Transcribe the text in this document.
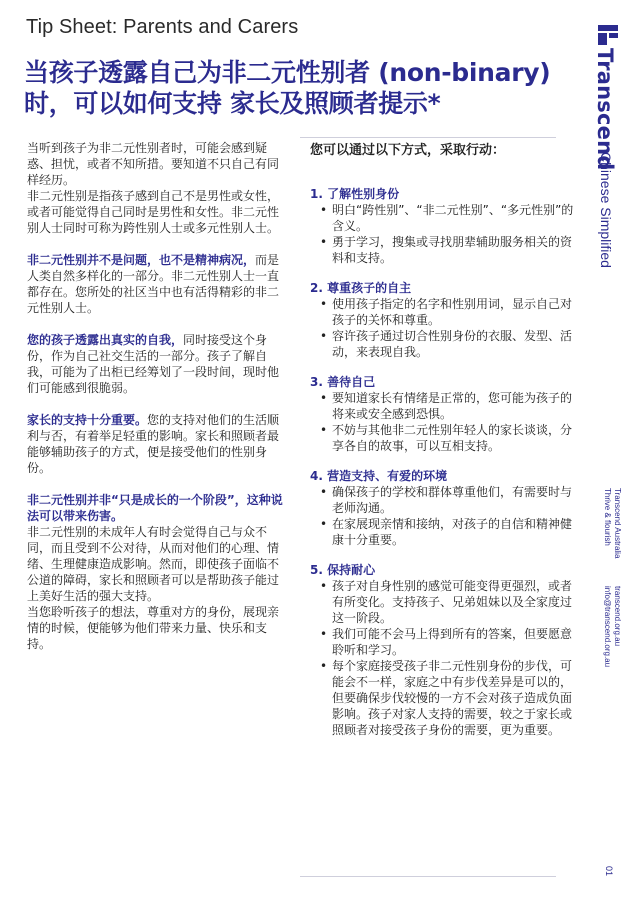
Tip Sheet: Parents and Carers
当孩子透露自己为非二元性别者 (non-binary)时，可以如何支持 家长及照顾者提示*

当听到孩子为非二元性别者时，可能会感到疑惑、担忧，或者不知所措。要知道不只自己有同样经历。

非二元性别是指孩子感到自己不是男性或女性，或者可能觉得自己同时是男性和女性。非二元性别人士同时可称为跨性别人士或多元性别人士。

非二元性别并不是问题，也不是精神病况，而是人类自然多样化的一部分。非二元性别人士一直都存在。您所处的社区当中也有活得精彩的非二元性别人士。

您的孩子透露出真实的自我，同时接受这个身份，作为自己社交生活的一部分。孩子了解自我，可能为了出柜已经筹划了一段时间，现时他们可能感到很脆弱。

家长的支持十分重要。您的支持对他们的生活顺利与否，有着举足轻重的影响。家长和照顾者最能够辅助孩子的方式，便是接受他们的性别身份。

非二元性别并非“只是成长的一个阶段”，这种说法可以带来伤害。

非二元性别的未成年人有时会觉得自己与众不同，而且受到不公对待，从而对他们的心理、情绪、生理健康造成影响。然而，即使孩子面临不公道的障碍，家长和照顾者可以是帮助孩子能过上美好生活的强大支持。

当您聆听孩子的想法，尊重对方的身份，展现亲情的时候，便能够为他们带来力量、快乐和支持。

您可以通过以下方式，采取行动：
1. 了解性别身份
• 明白“跨性别”、“非二元性别”、“多元性别”的含义。
• 勇于学习，搜集或寻找朋辈辅助服务相关的资料和支持。
2. 尊重孩子的自主
• 使用孩子指定的名字和性别用词，显示自己对孩子的关怀和尊重。
• 容许孩子通过切合性别身份的衣服、发型、活动，来表现自我。
3. 善待自己
• 要知道家长有情绪是正常的，您可能为孩子的将来或安全感到恐惧。
• 不妨与其他非二元性别年轻人的家长谈谈，分享各自的故事，可以互相支持。
4. 营造支持、有爱的环境
• 确保孩子的学校和群体尊重他们，有需要时与老师沟通。
• 在家展现亲情和接纳，对孩子的自信和精神健康十分重要。
5. 保持耐心
• 孩子对自身性别的感觉可能变得更强烈，或者有所变化。支持孩子、兄弟姐妹以及全家度过这一阶段。
• 我们可能不会马上得到所有的答案，但要愿意聆听和学习。
• 每个家庭接受孩子非二元性别身份的步伐，可能会不一样，家庭之中有步伐差异是可以的，但要确保步伐较慢的一方不会对孩子造成负面影响。孩子对家人支持的需要，较之于家长或照顾者对接受孩子身份的需要，更为重要。
Transcend
Chinese Simplified
Transcend Australia
Thrive & flourish
transcend.org.au
info@transcend.org.au
01
